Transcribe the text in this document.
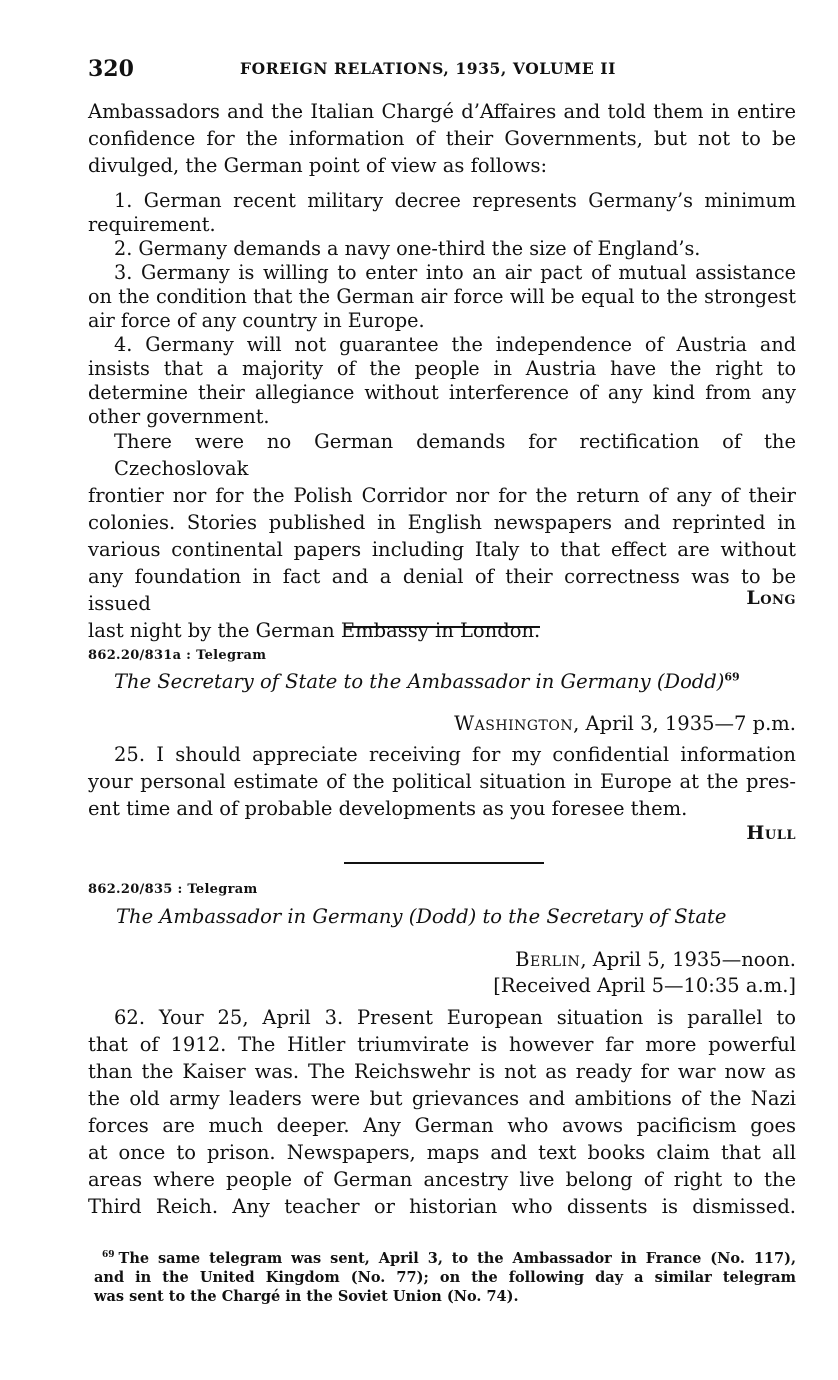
320	FOREIGN RELATIONS, 1935, VOLUME II
Ambassadors and the Italian Chargé d’Affaires and told them in entire
confidence for the information of their Governments, but not to be
divulged, the German point of view as follows:
1. German recent military decree represents Germany’s minimum
requirement.
2. Germany demands a navy one-third the size of England’s.
3. Germany is willing to enter into an air pact of mutual assistance
on the condition that the German air force will be equal to the strongest
air force of any country in Europe.
4. Germany will not guarantee the independence of Austria and
insists that a majority of the people in Austria have the right to
determine their allegiance without interference of any kind from any
other government.
There were no German demands for rectification of the Czechoslovak
frontier nor for the Polish Corridor nor for the return of any of their
colonies. Stories published in English newspapers and reprinted in
various continental papers including Italy to that effect are without
any foundation in fact and a denial of their correctness was to be issued
last night by the German Embassy in London.
Long
862.20/831a : Telegram
The Secretary of State to the Ambassador in Germany (Dodd)$^{69}$
Washington, April 3, 1935—7 p.m.
25. I should appreciate receiving for my confidential information
your personal estimate of the political situation in Europe at the pres-
ent time and of probable developments as you foresee them.
Hull
862.20/835 : Telegram
The Ambassador in Germany (Dodd) to the Secretary of State
Berlin, April 5, 1935—noon.
[Received April 5—10:35 a.m.]
62. Your 25, April 3. Present European situation is parallel to
that of 1912. The Hitler triumvirate is however far more powerful
than the Kaiser was. The Reichswehr is not as ready for war now as
the old army leaders were but grievances and ambitions of the Nazi
forces are much deeper. Any German who avows pacificism goes
at once to prison. Newspapers, maps and text books claim that all
areas where people of German ancestry live belong of right to the
Third Reich. Any teacher or historian who dissents is dismissed.
$^{69}$ The same telegram was sent, April 3, to the Ambassador in France (No. 117),
and in the United Kingdom (No. 77); on the following day a similar telegram
was sent to the Chargé in the Soviet Union (No. 74).
